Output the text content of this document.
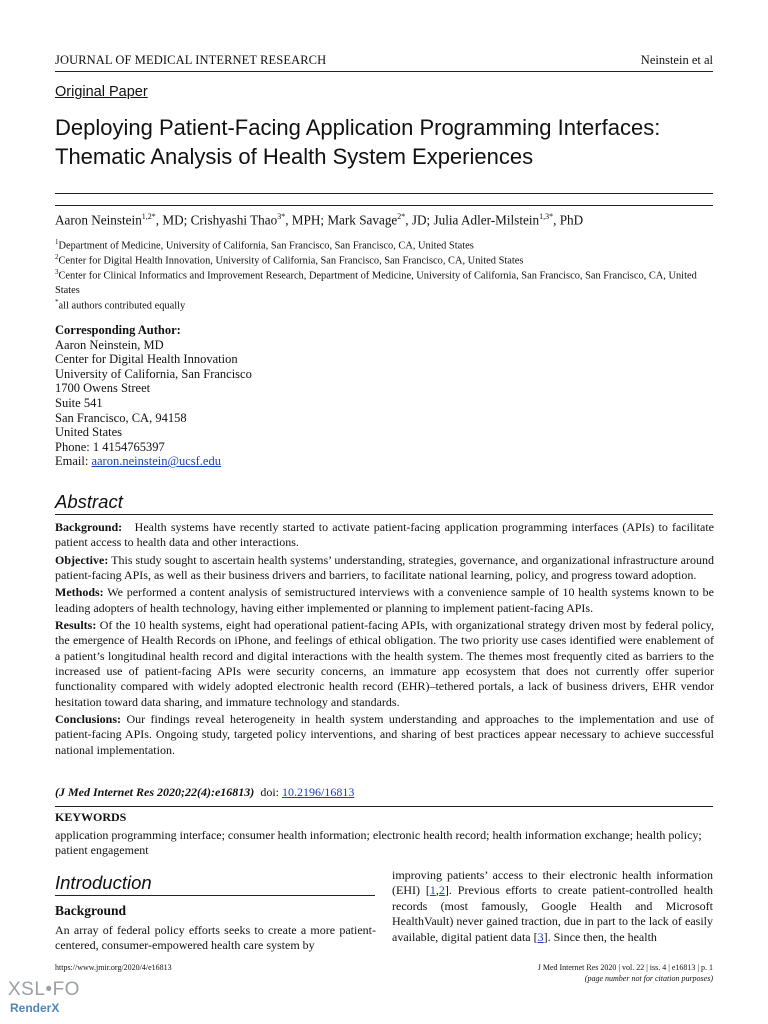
JOURNAL OF MEDICAL INTERNET RESEARCH	Neinstein et al
Original Paper
Deploying Patient-Facing Application Programming Interfaces:
Thematic Analysis of Health System Experiences
Aaron Neinstein$^{1,2*}$, MD; Crishyashi Thao$^{3*}$, MPH; Mark Savage$^{2*}$, JD; Julia Adler-Milstein$^{1,3*}$, PhD
$^1$Department of Medicine, University of California, San Francisco, San Francisco, CA, United States
$^2$Center for Digital Health Innovation, University of California, San Francisco, San Francisco, CA, United States
$^3$Center for Clinical Informatics and Improvement Research, Department of Medicine, University of California, San Francisco, San Francisco, CA, United States
*all authors contributed equally
Corresponding Author:
Aaron Neinstein, MD
Center for Digital Health Innovation
University of California, San Francisco
1700 Owens Street
Suite 541
San Francisco, CA, 94158
United States
Phone: 1 4154765397
Email: aaron.neinstein@ucsf.edu
Abstract

Background: Health systems have recently started to activate patient-facing application programming interfaces (APIs) to facilitate patient access to health data and other interactions.

Objective: This study sought to ascertain health systems’ understanding, strategies, governance, and organizational infrastructure around patient-facing APIs, as well as their business drivers and barriers, to facilitate national learning, policy, and progress toward adoption.

Methods: We performed a content analysis of semistructured interviews with a convenience sample of 10 health systems known to be leading adopters of health technology, having either implemented or planning to implement patient-facing APIs.

Results: Of the 10 health systems, eight had operational patient-facing APIs, with organizational strategy driven most by federal policy, the emergence of Health Records on iPhone, and feelings of ethical obligation. The two priority use cases identified were enablement of a patient’s longitudinal health record and digital interactions with the health system. The themes most frequently cited as barriers to the increased use of patient-facing APIs were security concerns, an immature app ecosystem that does not currently offer superior functionality compared with widely adopted electronic health record (EHR)–tethered portals, a lack of business drivers, EHR vendor hesitation toward data sharing, and immature technology and standards.

Conclusions: Our findings reveal heterogeneity in health system understanding and approaches to the implementation and use of patient-facing APIs. Ongoing study, targeted policy interventions, and sharing of best practices appear necessary to achieve successful national implementation.

(J Med Internet Res 2020;22(4):e16813) doi: 10.2196/16813
KEYWORDS
application programming interface; consumer health information; electronic health record; health information exchange; health policy; patient engagement
Introduction
Background
An array of federal policy efforts seeks to create a more patient-centered, consumer-empowered health care system by
improving patients’ access to their electronic health information (EHI) [1,2]. Previous efforts to create patient-controlled health records (most famously, Google Health and Microsoft HealthVault) never gained traction, due in part to the lack of easily available, digital patient data [3]. Since then, the health
https://www.jmir.org/2020/4/e16813	J Med Internet Res 2020 | vol. 22 | iss. 4 | e16813 | p. 1
(page number not for citation purposes)
XSL•FO
RenderX
